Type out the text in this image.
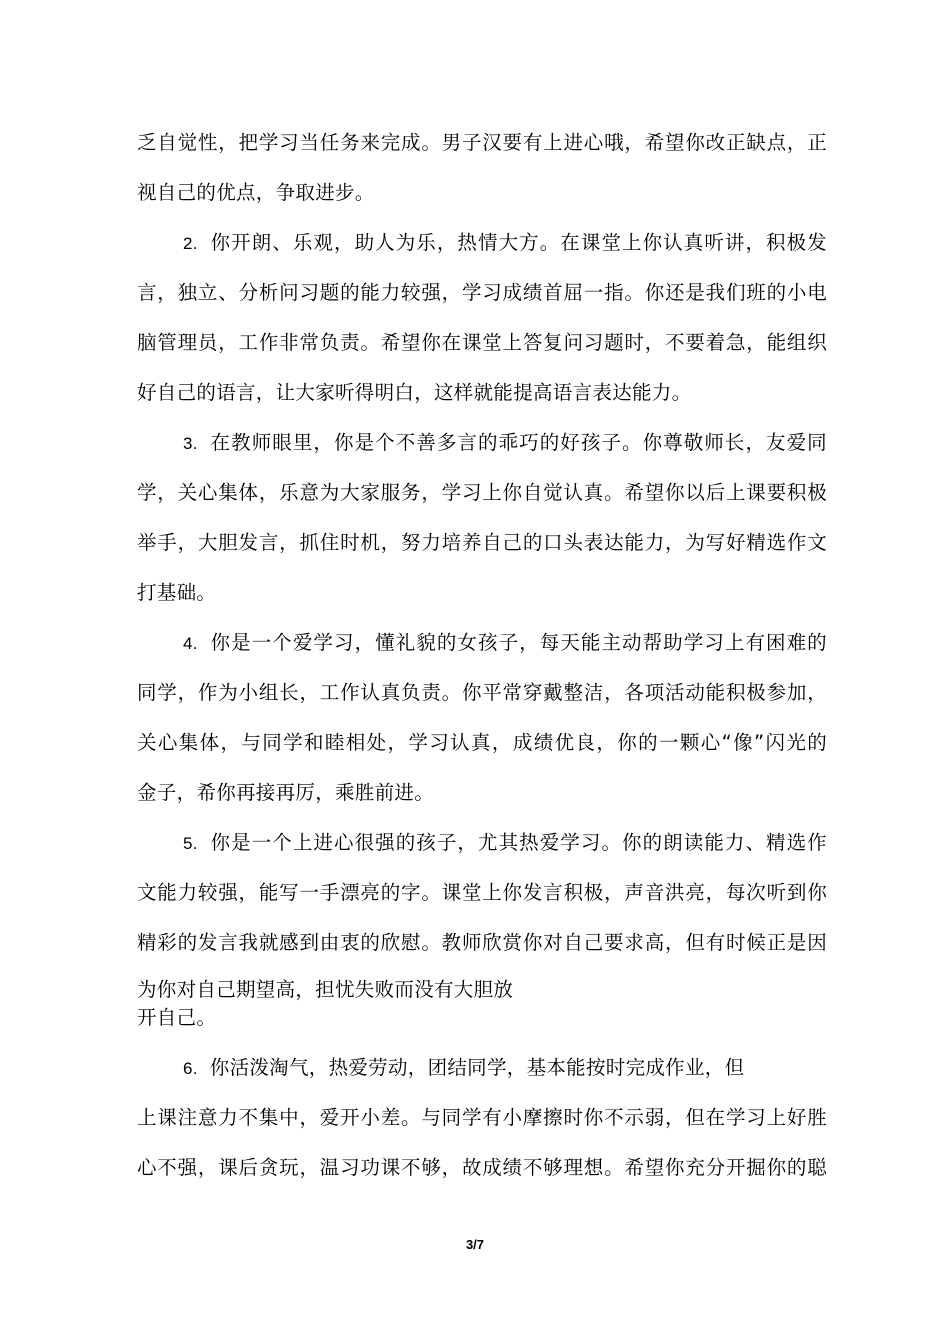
乏自觉性，把学习当任务来完成。男子汉要有上进心哦，希望你改正缺点，正
视自己的优点，争取进步。
2. 你开朗、乐观，助人为乐，热情大方。在课堂上你认真听讲，积极发
言，独立、分析问习题的能力较强，学习成绩首屈一指。你还是我们班的小电
脑管理员，工作非常负责。希望你在课堂上答复问习题时，不要着急，能组织
好自己的语言，让大家听得明白，这样就能提高语言表达能力。
3. 在教师眼里，你是个不善多言的乖巧的好孩子。你尊敬师长，友爱同
学，关心集体，乐意为大家服务，学习上你自觉认真。希望你以后上课要积极
举手，大胆发言，抓住时机，努力培养自己的口头表达能力，为写好精选作文
打基础。
4. 你是一个爱学习，懂礼貌的女孩子，每天能主动帮助学习上有困难的
同学，作为小组长，工作认真负责。你平常穿戴整洁，各项活动能积极参加，
关心集体，与同学和睦相处，学习认真，成绩优良，你的一颗心“像”闪光的
金子，希你再接再厉，乘胜前进。
5. 你是一个上进心很强的孩子，尤其热爱学习。你的朗读能力、精选作
文能力较强，能写一手漂亮的字。课堂上你发言积极，声音洪亮，每次听到你
精彩的发言我就感到由衷的欣慰。教师欣赏你对自己要求高，但有时候正是因
为你对自己期望高，担忧失败而没有大胆放
开自己。
6. 你活泼淘气，热爱劳动，团结同学，基本能按时完成作业，但
上课注意力不集中，爱开小差。与同学有小摩擦时你不示弱，但在学习上好胜
心不强，课后贪玩，温习功课不够，故成绩不够理想。希望你充分开掘你的聪
3/7
